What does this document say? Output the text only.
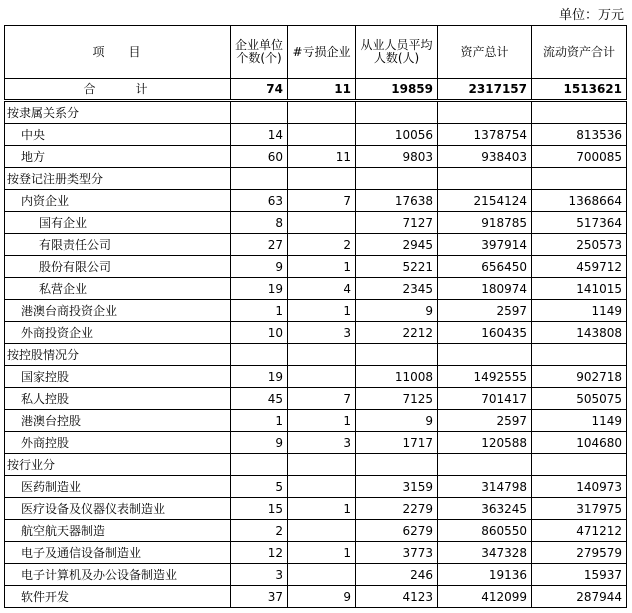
单位：万元
项目	企业单位个数(个)	#亏损企业	从业人员平均人数(人)	资产总计	流动资产合计
合计	74	11	19859	2317157	1513621
按隶属关系分					
中央	14		10056	1378754	813536
地方	60	11	9803	938403	700085
按登记注册类型分					
内资企业	63	7	17638	2154124	1368664
国有企业	8		7127	918785	517364
有限责任公司	27	2	2945	397914	250573
股份有限公司	9	1	5221	656450	459712
私营企业	19	4	2345	180974	141015
港澳台商投资企业	1	1	9	2597	1149
外商投资企业	10	3	2212	160435	143808
按控股情况分					
国家控股	19		11008	1492555	902718
私人控股	45	7	7125	701417	505075
港澳台控股	1	1	9	2597	1149
外商控股	9	3	1717	120588	104680
按行业分					
医药制造业	5		3159	314798	140973
医疗设备及仪器仪表制造业	15	1	2279	363245	317975
航空航天器制造	2		6279	860550	471212
电子及通信设备制造业	12	1	3773	347328	279579
电子计算机及办公设备制造业	3		246	19136	15937
软件开发	37	9	4123	412099	287944
